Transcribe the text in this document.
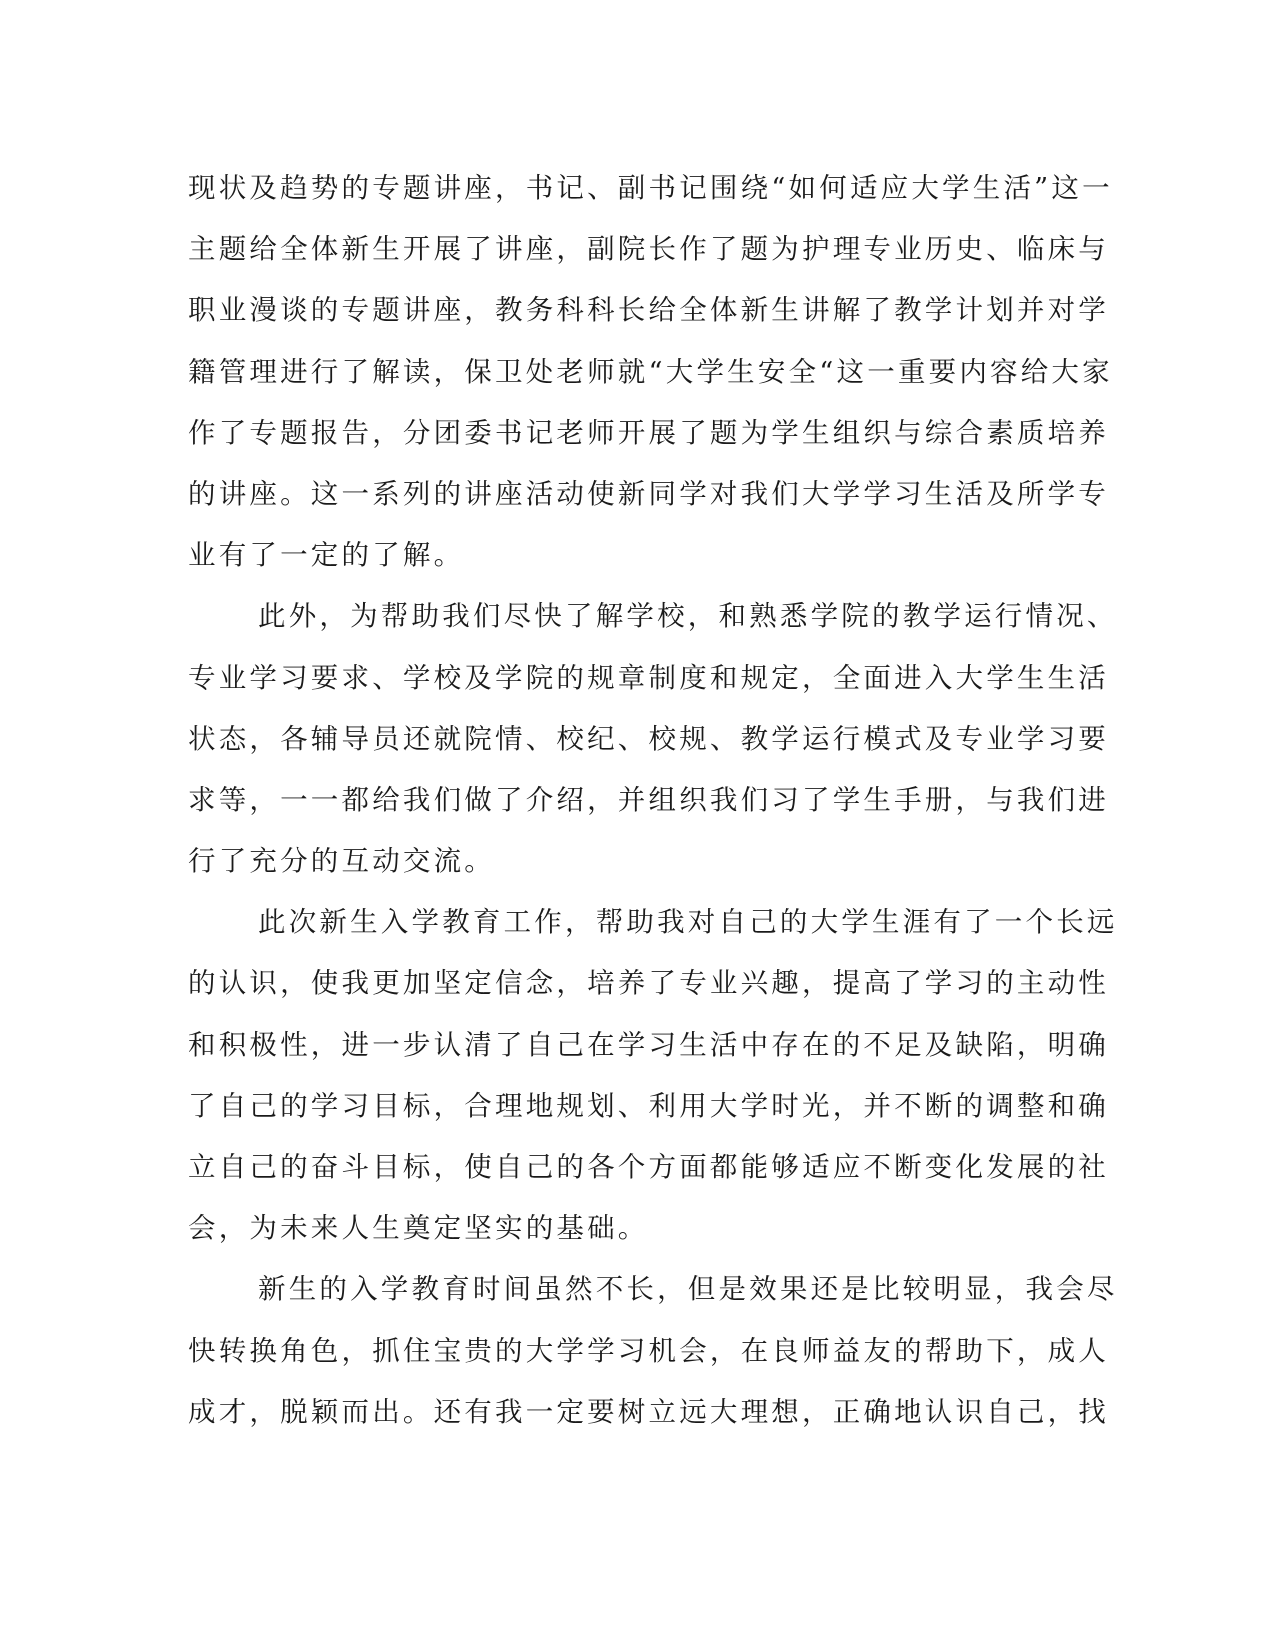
现状及趋势的专题讲座，书记、副书记围绕“如何适应大学生活”这一
主题给全体新生开展了讲座，副院长作了题为护理专业历史、临床与
职业漫谈的专题讲座，教务科科长给全体新生讲解了教学计划并对学
籍管理进行了解读，保卫处老师就“大学生安全“这一重要内容给大家
作了专题报告，分团委书记老师开展了题为学生组织与综合素质培养
的讲座。这一系列的讲座活动使新同学对我们大学学习生活及所学专
业有了一定的了解。
此外，为帮助我们尽快了解学校，和熟悉学院的教学运行情况、
专业学习要求、学校及学院的规章制度和规定，全面进入大学生生活
状态，各辅导员还就院情、校纪、校规、教学运行模式及专业学习要
求等，一一都给我们做了介绍，并组织我们习了学生手册，与我们进
行了充分的互动交流。
此次新生入学教育工作，帮助我对自己的大学生涯有了一个长远
的认识，使我更加坚定信念，培养了专业兴趣，提高了学习的主动性
和积极性，进一步认清了自己在学习生活中存在的不足及缺陷，明确
了自己的学习目标，合理地规划、利用大学时光，并不断的调整和确
立自己的奋斗目标，使自己的各个方面都能够适应不断变化发展的社
会，为未来人生奠定坚实的基础。
新生的入学教育时间虽然不长，但是效果还是比较明显，我会尽
快转换角色，抓住宝贵的大学学习机会，在良师益友的帮助下，成人
成才，脱颖而出。还有我一定要树立远大理想，正确地认识自己，找
